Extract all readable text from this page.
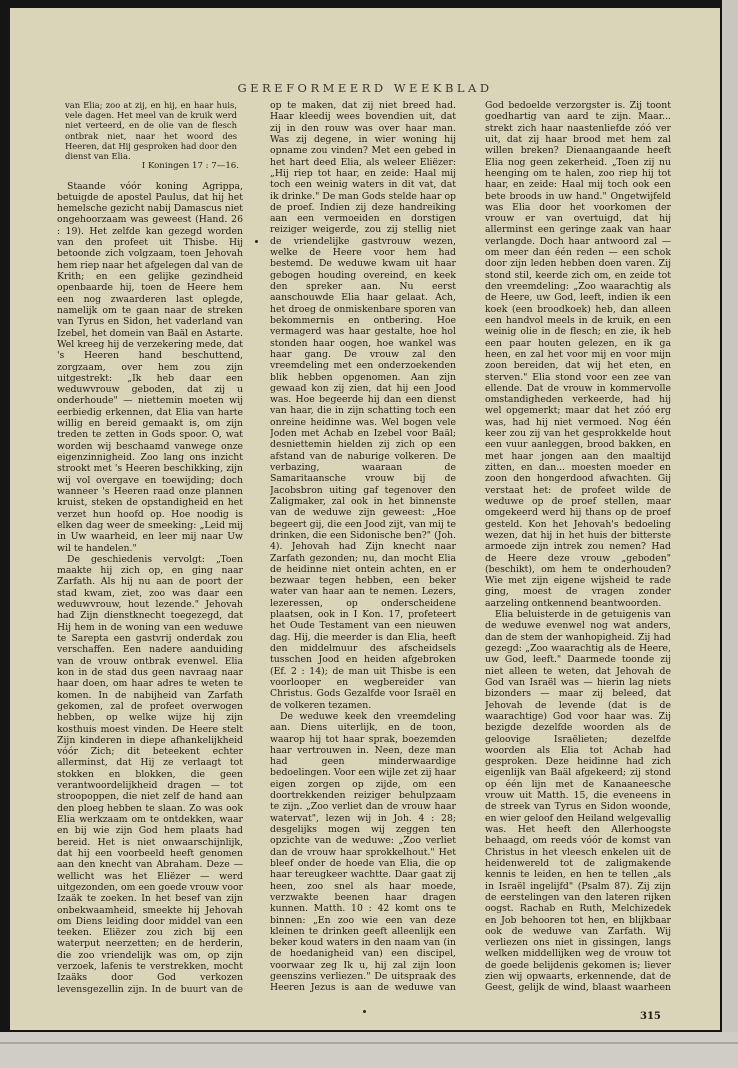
GEREFORMEERD WEEKBLAD

van Elia; zoo at zij, en hij, en haar huis, vele dagen. Het meel van de kruik werd niet verteerd, en de olie van de flesch ontbrak niet, naar het woord des Heeren, dat Hij gesproken had door den dienst van Elia.

I Koningen 17 : 7—16.

Staande vóór koning Agrippa, betuigde de apostel Paulus, dat hij het hemelsche gezicht nabij Damascus niet ongehoorzaam was geweest (Hand. 26 : 19). Het zelfde kan gezegd worden van den profeet uit Thisbe. Hij betoonde zich volgzaam, toen Jehovah hem riep naar het afgelegen dal van de Krith; en een gelijke gezindheid openbaarde hij, toen de Heere hem een nog zwaarderen last oplegde, namelijk om te gaan naar de streken van Tyrus en Sidon, het vaderland van Izebel, het domein van Baäl en Astarte. Wel kreeg hij de verzekering mede, dat 's Heeren hand beschuttend, zorgzaam, over hem zou zijn uitgestrekt: „Ik heb daar een weduwvrouw geboden, dat zij u onderhoude" — niettemin moeten wij eerbiedig erkennen, dat Elia van harte willig en bereid gemaakt is, om zijn treden te zetten in Gods spoor. O, wat worden wij beschaamd vanwege onze eigenzinnigheid. Zoo lang ons inzicht strookt met 's Heeren beschikking, zijn wij vol overgave en toewijding; doch wanneer 's Heeren raad onze plannen kruist, steken de opstandigheid en het verzet hun hoofd op. Hoe noodig is elken dag weer de smeeking: „Leid mij in Uw waarheid, en leer mij naar Uw wil te handelen."

De geschiedenis vervolgt: „Toen maakte hij zich op, en ging naar Zarfath. Als hij nu aan de poort der stad kwam, ziet, zoo was daar een weduwvrouw, hout lezende." Jehovah had Zijn dienstknecht toegezegd, dat Hij hem in de woning van een weduwe te Sarepta een gastvrij onderdak zou verschaffen. Een nadere aanduiding van de vrouw ontbrak evenwel. Elia kon in de stad dus geen navraag naar haar doen, om haar adres te weten te komen. In de nabijheid van Zarfath gekomen, zal de profeet overwogen hebben, op welke wijze hij zijn kosthuis moest vinden. De Heere stelt Zijn kinderen in diepe afhankelijkheid vóór Zich; dit beteekent echter allerminst, dat Hij ze verlaagt tot stokken en blokken, die geen verantwoordelijkheid dragen — tot stroopoppen, die niet zelf de hand aan den ploeg hebben te slaan. Zo was ook Elia werkzaam om te ontdekken, waar en bij wie zijn God hem plaats had bereid. Het is niet onwaarschijnlijk, dat hij een voorbeeld heeft genomen aan den knecht van Abraham. Deze — wellicht was het Eliëzer — werd uitgezonden, om een goede vrouw voor Izaäk te zoeken. In het besef van zijn onbekwaamheid, smeekte hij Jehovah om Diens leiding door middel van een teeken. Eliëzer zou zich bij een waterput neerzetten; en de herderin, die zoo vriendelijk was om, op zijn verzoek, lafenis te verstrekken, mocht Izaäks door God verkozen levensgezellin zijn. In de buurt van de

op te maken, dat zij niet breed had. Haar kleedij wees bovendien uit, dat zij in den rouw was over haar man. Was zij degene, in wier woning hij opname zou vinden? Met een gebed in het hart deed Elia, als weleer Eliëzer: „Hij riep tot haar, en zeide: Haal mij toch een weinig waters in dit vat, dat ik drinke." De man Gods stelde haar op de proef. Indien zij deze handreiking aan een vermoeiden en dorstigen reiziger weigerde, zou zij stellig niet de vriendelijke gastvrouw wezen, welke de Heere voor hem had bestemd. De weduwe kwam uit haar gebogen houding overeind, en keek den spreker aan. Nu eerst aanschouwde Elia haar gelaat. Ach, het droeg de onmiskenbare sporen van bekommernis en ontbering. Hoe vermagerd was haar gestalte, hoe hol stonden haar oogen, hoe wankel was haar gang. De vrouw zal den vreemdeling met een onderzoekenden blik hebben opgenomen. Aan zijn gewaad kon zij zien, dat hij een Jood was. Hoe begeerde hij dan een dienst van haar, die in zijn schatting toch een onreine heidinne was. Wel bogen vele Joden met Achab en Izebel voor Baäl; desniettemin hielden zij zich op een afstand van de naburige volkeren. De verbazing, waaraan de Samaritaansche vrouw bij de Jacobsbron uiting gaf tegenover den Zaligmaker, zal ook in het binnenste van de weduwe zijn geweest: „Hoe begeert gij, die een Jood zijt, van mij te drinken, die een Sidonische ben?" (Joh. 4). Jehovah had Zijn knecht naar Zarfath gezonden; nu, dan mocht Elia de heidinne niet ontein achten, en er bezwaar tegen hebben, een beker water van haar aan te nemen. Lezers, lezeressen, op onderscheidene plaatsen, ook in I Kon. 17, profeteert het Oude Testament van een nieuwen dag. Hij, die meerder is dan Elia, heeft den middelmuur des afscheidsels tusschen Jood en heiden afgebroken (Ef. 2 : 14); de man uit Thisbe is een voorlooper en wegbereider van Christus. Gods Gezalfde voor Israël en de volkeren tezamen.

De weduwe keek den vreemdeling aan. Diens uiterlijk, en de toon, waarop hij tot haar sprak, boezemden haar vertrouwen in. Neen, deze man had geen minderwaardige bedoelingen. Voor een wijle zet zij haar eigen zorgen op zijde, om een doortrekkenden reiziger behulpzaam te zijn. „Zoo verliet dan de vrouw haar watervat", lezen wij in Joh. 4 : 28; desgelijks mogen wij zeggen ten opzichte van de weduwe: „Zoo verliet dan de vrouw haar sprokkelhout." Het bleef onder de hoede van Elia, die op haar tereugkeer wachtte. Daar gaat zij heen, zoo snel als haar moede, verzwakte beenen haar dragen kunnen. Matth. 10 : 42 komt ons te binnen: „En zoo wie een van deze kleinen te drinken geeft alleenlijk een beker koud waters in den naam van (in de hoedanigheid van) een discipel, voorwaar zeg Ik u, hij zal zijn loon geenszins verliezen." De uitspraak des Heeren Jezus is aan de weduwe van

God bedoelde verzorgster is. Zij toont goedhartig van aard te zijn. Maar... strekt zich haar naastenliefde zóó ver uit, dat zij haar brood met hem zal willen breken? Dienaangaande heeft Elia nog geen zekerheid. „Toen zij nu heenging om te halen, zoo riep hij tot haar, en zeide: Haal mij toch ook een bete broods in uw hand." Ongetwijfeld was Elia door het voorkomen der vrouw er van overtuigd, dat hij allerminst een geringe zaak van haar verlangde. Doch haar antwoord zal — om meer dan één reden — een schok door zijn leden hebben doen varen. Zij stond stil, keerde zich om, en zeide tot den vreemdeling: „Zoo waarachtig als de Heere, uw God, leeft, indien ik een koek (een broodkoek) heb, dan alleen een handvol meels in de kruik, en een weinig olie in de flesch; en zie, ik heb een paar houten gelezen, en ik ga heen, en zal het voor mij en voor mijn zoon bereiden, dat wij het eten, en sterven." Elia stond voor een zee van ellende. Dat de vrouw in kommervolle omstandigheden verkeerde, had hij wel opgemerkt; maar dat het zóó erg was, had hij niet vermoed. Nog één keer zou zij van het gesprokkelde hout een vuur aanleggen, brood bakken, en met haar jongen aan den maaltijd zitten, en dan... moesten moeder en zoon den hongerdood afwachten. Gij verstaat het: de profeet wilde de weduwe op de proef stellen, maar omgekeerd werd hij thans op de proef gesteld. Kon het Jehovah's bedoeling wezen, dat hij in het huis der bitterste armoede zijn intrek zou nemen? Had de Heere deze vrouw „geboden" (beschikt), om hem te onderhouden? Wie met zijn eigene wijsheid te rade ging, moest de vragen zonder aarzeling ontkennend beantwoorden.

Elia beluisterde in de getuigenis van de weduwe evenwel nog wat anders, dan de stem der wanhopigheid. Zij had gezegd: „Zoo waarachtig als de Heere, uw God, leeft." Daarmede toonde zij niet alleen te weten, dat Jehovah de God van Israël was — hierin lag niets bizonders — maar zij beleed, dat Jehovah de levende (dat is de waarachtige) God voor haar was. Zij bezigde dezelfde woorden als de geloovige Israëlieten; dezelfde woorden als Elia tot Achab had gesproken. Deze heidinne had zich eigenlijk van Baäl afgekeerd; zij stond op één lijn met de Kanaaneesche vrouw uit Matth. 15, die eveneens in de streek van Tyrus en Sidon woonde, en wier geloof den Heiland welgevallig was. Het heeft den Allerhoogste behaagd, om reeds vóór de komst van Christus in het vleesch enkelen uit de heidenwereld tot de zaligmakende kennis te leiden, en hen te tellen „als in Israël ingelijfd" (Psalm 87). Zij zijn de eerstelingen van den lateren rijken oogst. Rachab en Ruth, Melchizedek en Job behooren tot hen, en blijkbaar ook de weduwe van Zarfath. Wij verliezen ons niet in gissingen, langs welken middellijken weg de vrouw tot de goede belijdenis gekomen is; liever zien wij opwaarts, erkennende, dat de Geest, gelijk de wind, blaast waarheen

315
